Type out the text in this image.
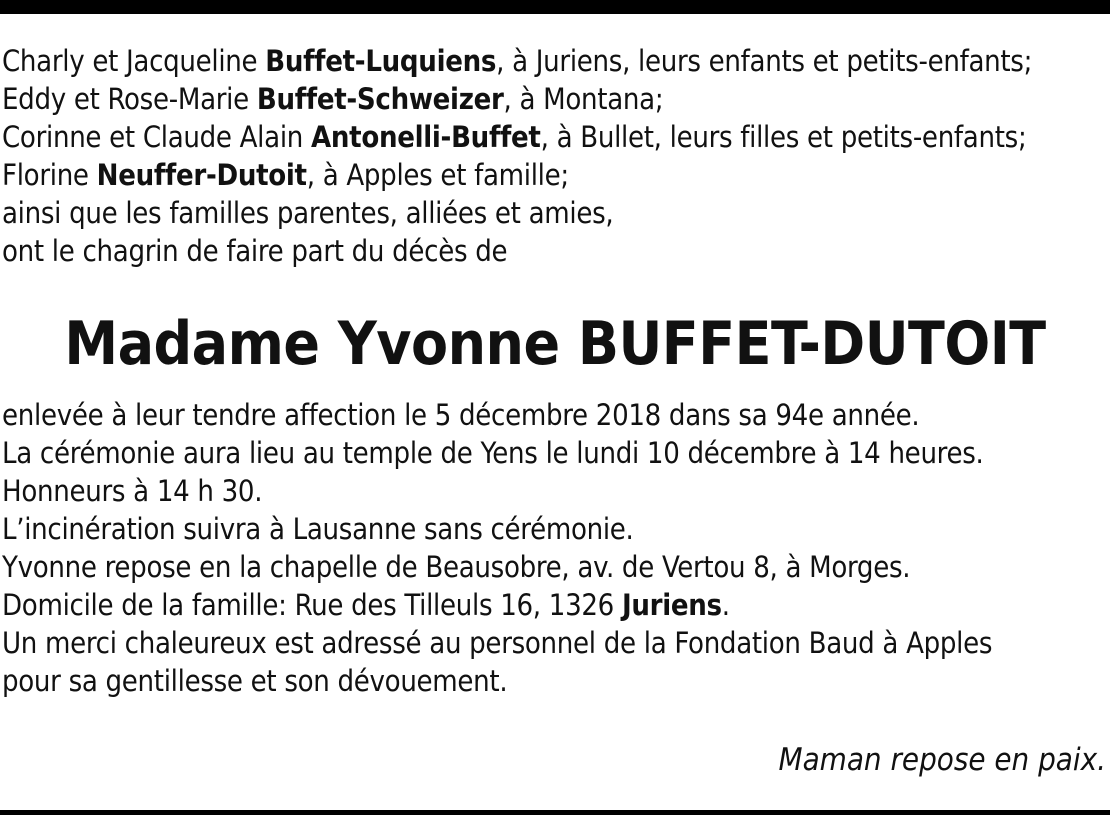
Charly et Jacqueline Buffet-Luquiens, à Juriens, leurs enfants et petits-enfants;
Eddy et Rose-Marie Buffet-Schweizer, à Montana;
Corinne et Claude Alain Antonelli-Buffet, à Bullet, leurs filles et petits-enfants;
Florine Neuffer-Dutoit, à Apples et famille;
ainsi que les familles parentes, alliées et amies,
ont le chagrin de faire part du décès de
Madame Yvonne BUFFET-DUTOIT
enlevée à leur tendre affection le 5 décembre 2018 dans sa 94e année.
La cérémonie aura lieu au temple de Yens le lundi 10 décembre à 14 heures.
Honneurs à 14 h 30.
L’incinération suivra à Lausanne sans cérémonie.
Yvonne repose en la chapelle de Beausobre, av. de Vertou 8, à Morges.
Domicile de la famille: Rue des Tilleuls 16, 1326 Juriens.
Un merci chaleureux est adressé au personnel de la Fondation Baud à Apples
pour sa gentillesse et son dévouement.
Maman repose en paix.
